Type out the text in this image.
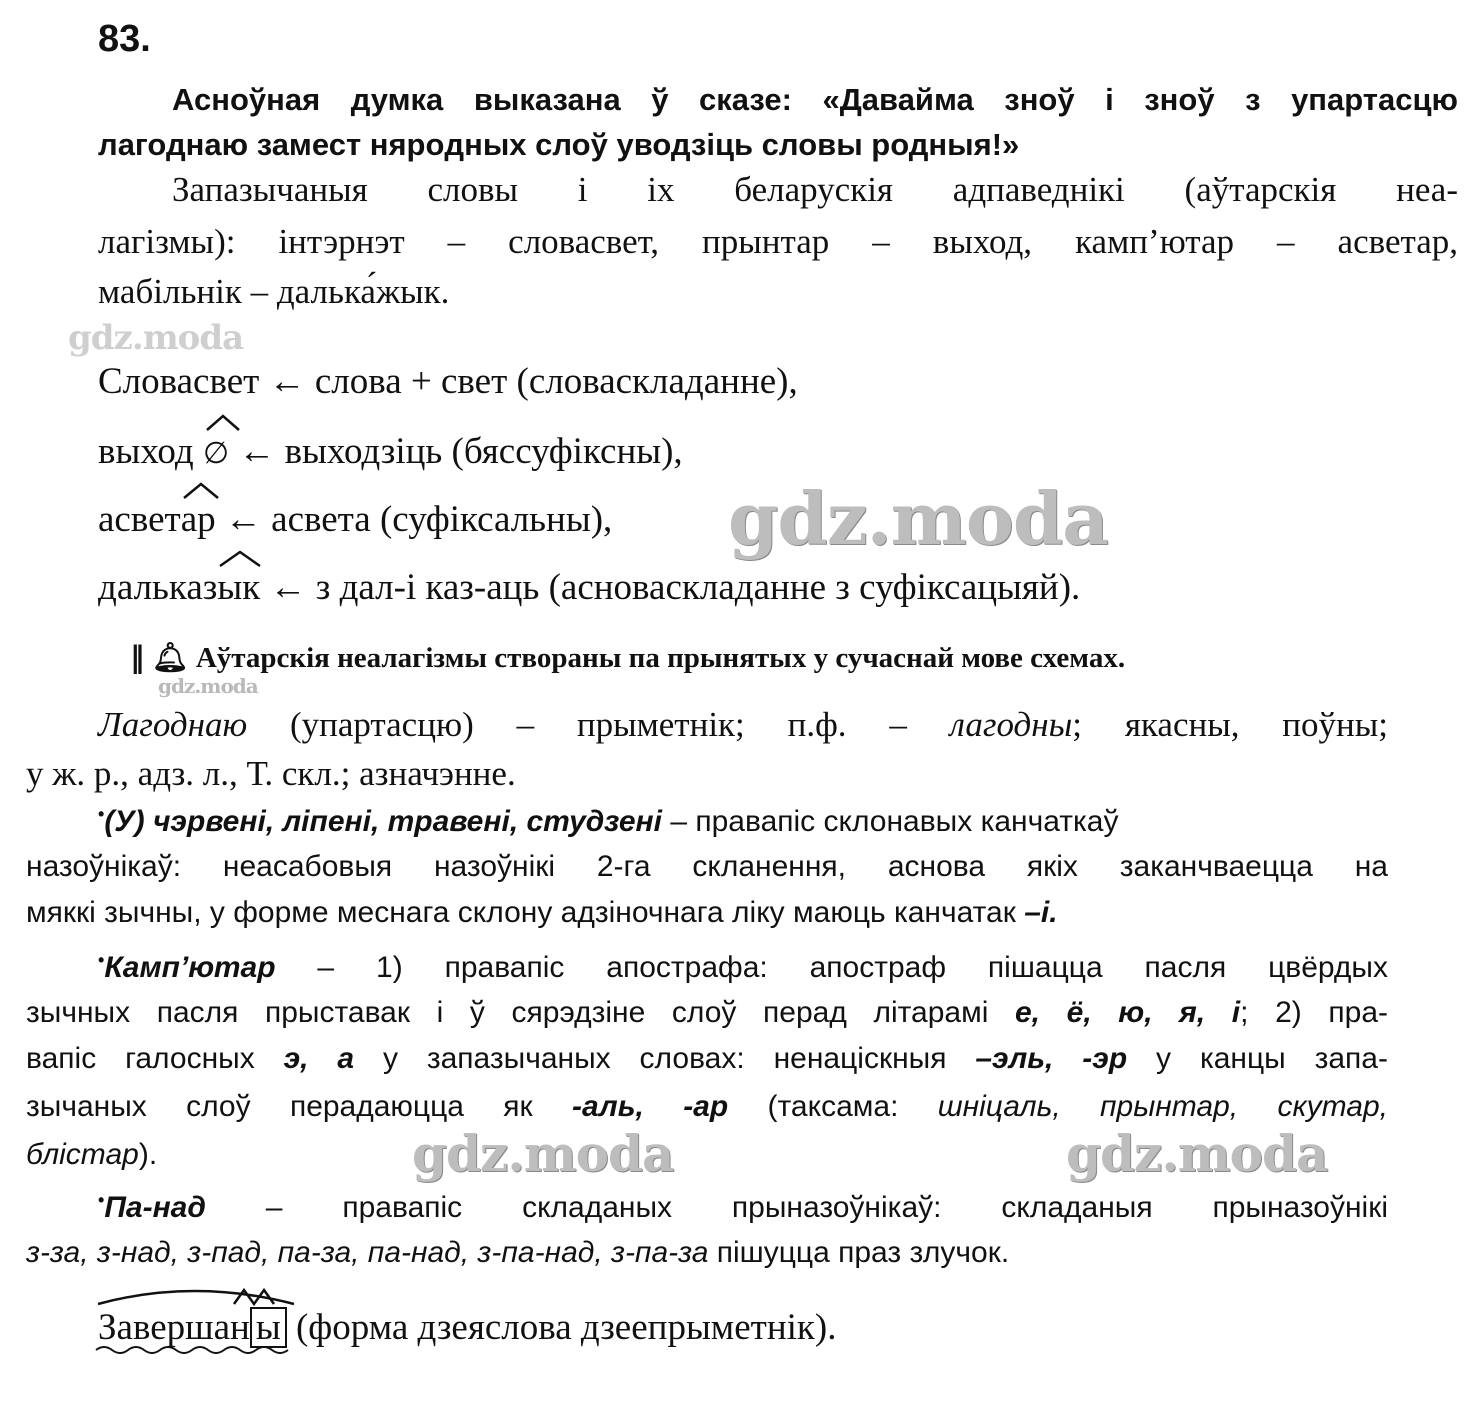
83.
Асноўная думка выказана ў сказе: «Давайма зноў і зноў з упартасцю
лагоднаю замест нярoдных слоў уводзіць словы родныя!»
Запазычаныя словы і іх беларускія адпаведнікі (аўтарскія неа-
лагізмы): інтэрнэт – словасвет, прынтар – выход, камп’ютар – асветар,
мабільнік – далька́жык.
gdz.moda
Словасвет ← слова + свет (словаскладанне),
выход ∅ ← выходзіць (бяссуфіксны),
асвет
ар ← асвета (суфіксальны), gdz.moda
дальказ
ык ← з дал-і каз-аць (асноваскладанне з суфіксацыяй).
‖ 🔔︎ Аўтарскія неалагізмы створаны па прынятых у сучаснай мове схемах.
gdz.moda
Лагоднаю (упартасцю) – прыметнік; п.ф. – лагодны; якасны, поўны;
у ж. р., адз. л., Т. скл.; азначэнне.
•(У) чэрвені, ліпені, травені, студзені – правапіс склонавых канчаткаў
назоўнікаў: неасабовыя назоўнікі 2-га скланення, аснова якіх заканчваецца на
мяккі зычны, у форме меснага склону адзіночнага ліку маюць канчатак –і.
•Камп’ютар – 1) правапіс апострафа: апостраф пішацца пасля цвёрдых
зычных пасля прыставак і ў сярэдзіне слоў перад літарамі е, ё, ю, я, і; 2) пра-
вапіс галосных э, а у запазычаных словах: ненаціскныя –эль, -эр у канцы запа-
зычаных слоў перадаюцца як -аль, -ар (таксама: шніцаль, прынтар, скутар,
блістар).	gdz.moda	gdz.moda
•Па-над – правапіс складаных прыназоўнікаў: складаныя прыназоўнікі
з-за, з-над, з-пад, па-за, па-над, з-па-над, з-па-за пішуцца праз злучок.
Завершан ы (форма дзеяслова дзеепрыметнік).
